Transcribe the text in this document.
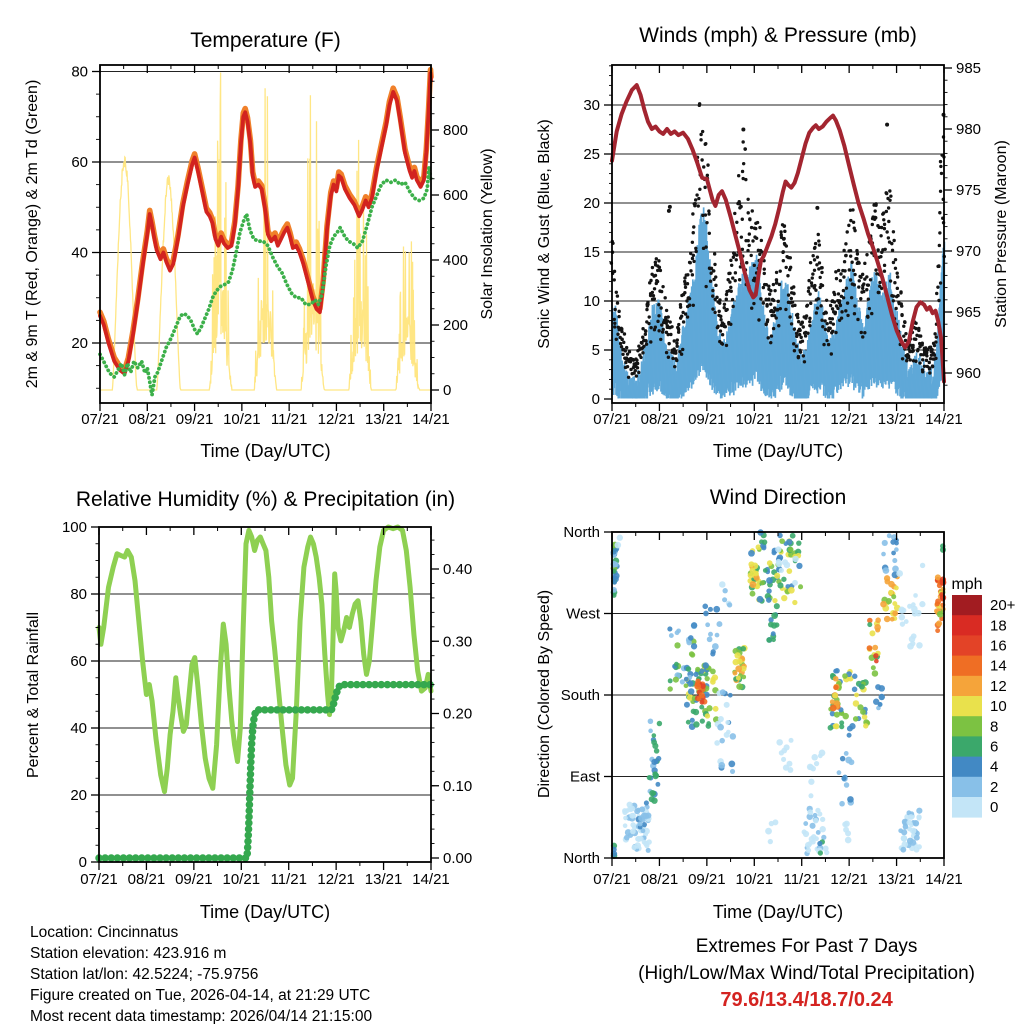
Temperature (F)	Winds (mph) & Pressure (mb)
Relative Humidity (%) & Precipitation (in)	Wind Direction
2m & 9m T (Red, Orange) & 2m Td (Green)	Solar Insolation (Yellow)	Sonic Wind & Gust (Blue, Black)	Station Pressure (Maroon)
Percent & Total Rainfall	Direction (Colored By Speed)
Time (Day/UTC)	Time (Day/UTC)
Time (Day/UTC)	Time (Day/UTC)
07/21 08/21 09/21 10/21 11/21 12/21 13/21 14/21
20
40
60
80
0
200
400
600
800
07/21 08/21 09/21 10/21 11/21 12/21 13/21 14/21
0
5
10
15
20
25
30
960
965
970
975
980
985
07/21 08/21 09/21 10/21 11/21 12/21 13/21 14/21
0
20
40
60
80
100
0.00
0.10
0.20
0.30
0.40
07/21 08/21 09/21 10/21 11/21 12/21 13/21 14/21
North
West
South
East
North
mph
20+
18
16
14
12
10
8
6
4
2
0
Location: Cincinnatus
Station elevation: 423.916 m
Station lat/lon: 42.5224; -75.9756
Figure created on Tue, 2026-04-14, at 21:29 UTC
Most recent data timestamp: 2026/04/14 21:15:00
Extremes For Past 7 Days
(High/Low/Max Wind/Total Precipitation)
79.6/13.4/18.7/0.24
